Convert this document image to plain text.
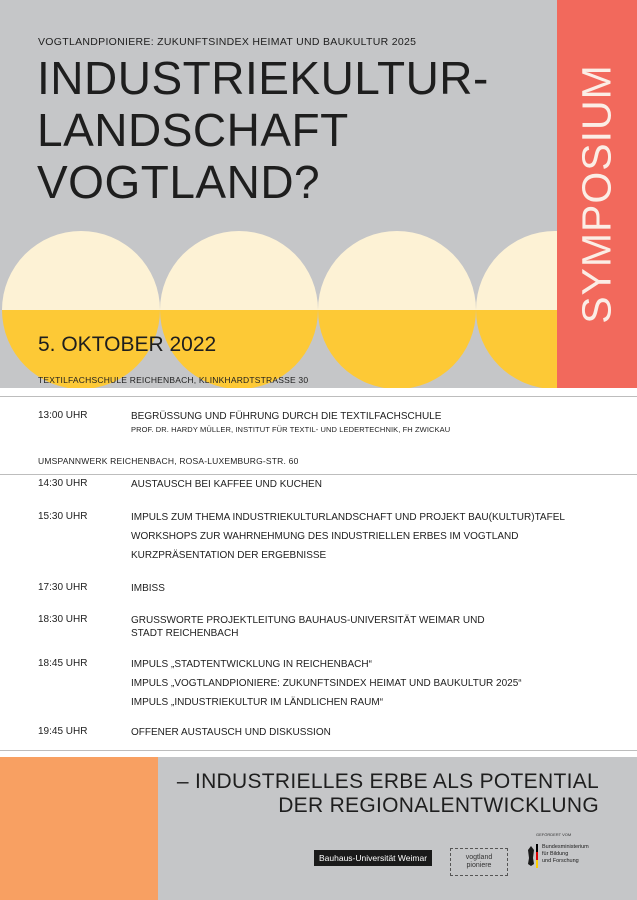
SYMPOSIUM
VOGTLANDPIONIERE: ZUKUNFTSINDEX HEIMAT UND BAUKULTUR 2025
INDUSTRIEKULTUR-
LANDSCHAFT
VOGTLAND?
5. OKTOBER 2022
TEXTILFACHSCHULE REICHENBACH, KLINKHARDTSTRASSE 30
13:00 UHR	BEGRÜSSUNG UND FÜHRUNG DURCH DIE TEXTILFACHSCHULE
PROF. DR. HARDY MÜLLER, INSTITUT FÜR TEXTIL- UND LEDERTECHNIK, FH ZWICKAU
UMSPANNWERK REICHENBACH, ROSA-LUXEMBURG-STR. 60
14:30 UHR	AUSTAUSCH BEI KAFFEE UND KUCHEN
15:30 UHR	IMPULS ZUM THEMA INDUSTRIEKULTURLANDSCHAFT UND PROJEKT BAU(KULTUR)TAFEL
WORKSHOPS ZUR WAHRNEHMUNG DES INDUSTRIELLEN ERBES IM VOGTLAND
KURZPRÄSENTATION DER ERGEBNISSE
17:30 UHR	IMBISS
18:30 UHR	GRUSSWORTE PROJEKTLEITUNG BAUHAUS-UNIVERSITÄT WEIMAR UND
STADT REICHENBACH
18:45 UHR	IMPULS „STADTENTWICKLUNG IN REICHENBACH“
IMPULS „VOGTLANDPIONIERE: ZUKUNFTSINDEX HEIMAT UND BAUKULTUR 2025“
IMPULS „INDUSTRIEKULTUR IM LÄNDLICHEN RAUM“
19:45 UHR	OFFENER AUSTAUSCH UND DISKUSSION
– INDUSTRIELLES ERBE ALS POTENTIAL
DER REGIONALENTWICKLUNG
Bauhaus-Universität Weimar	vogtland
pioniere
GEFÖRDERT VOM
Bundesministerium
für Bildung
und Forschung
